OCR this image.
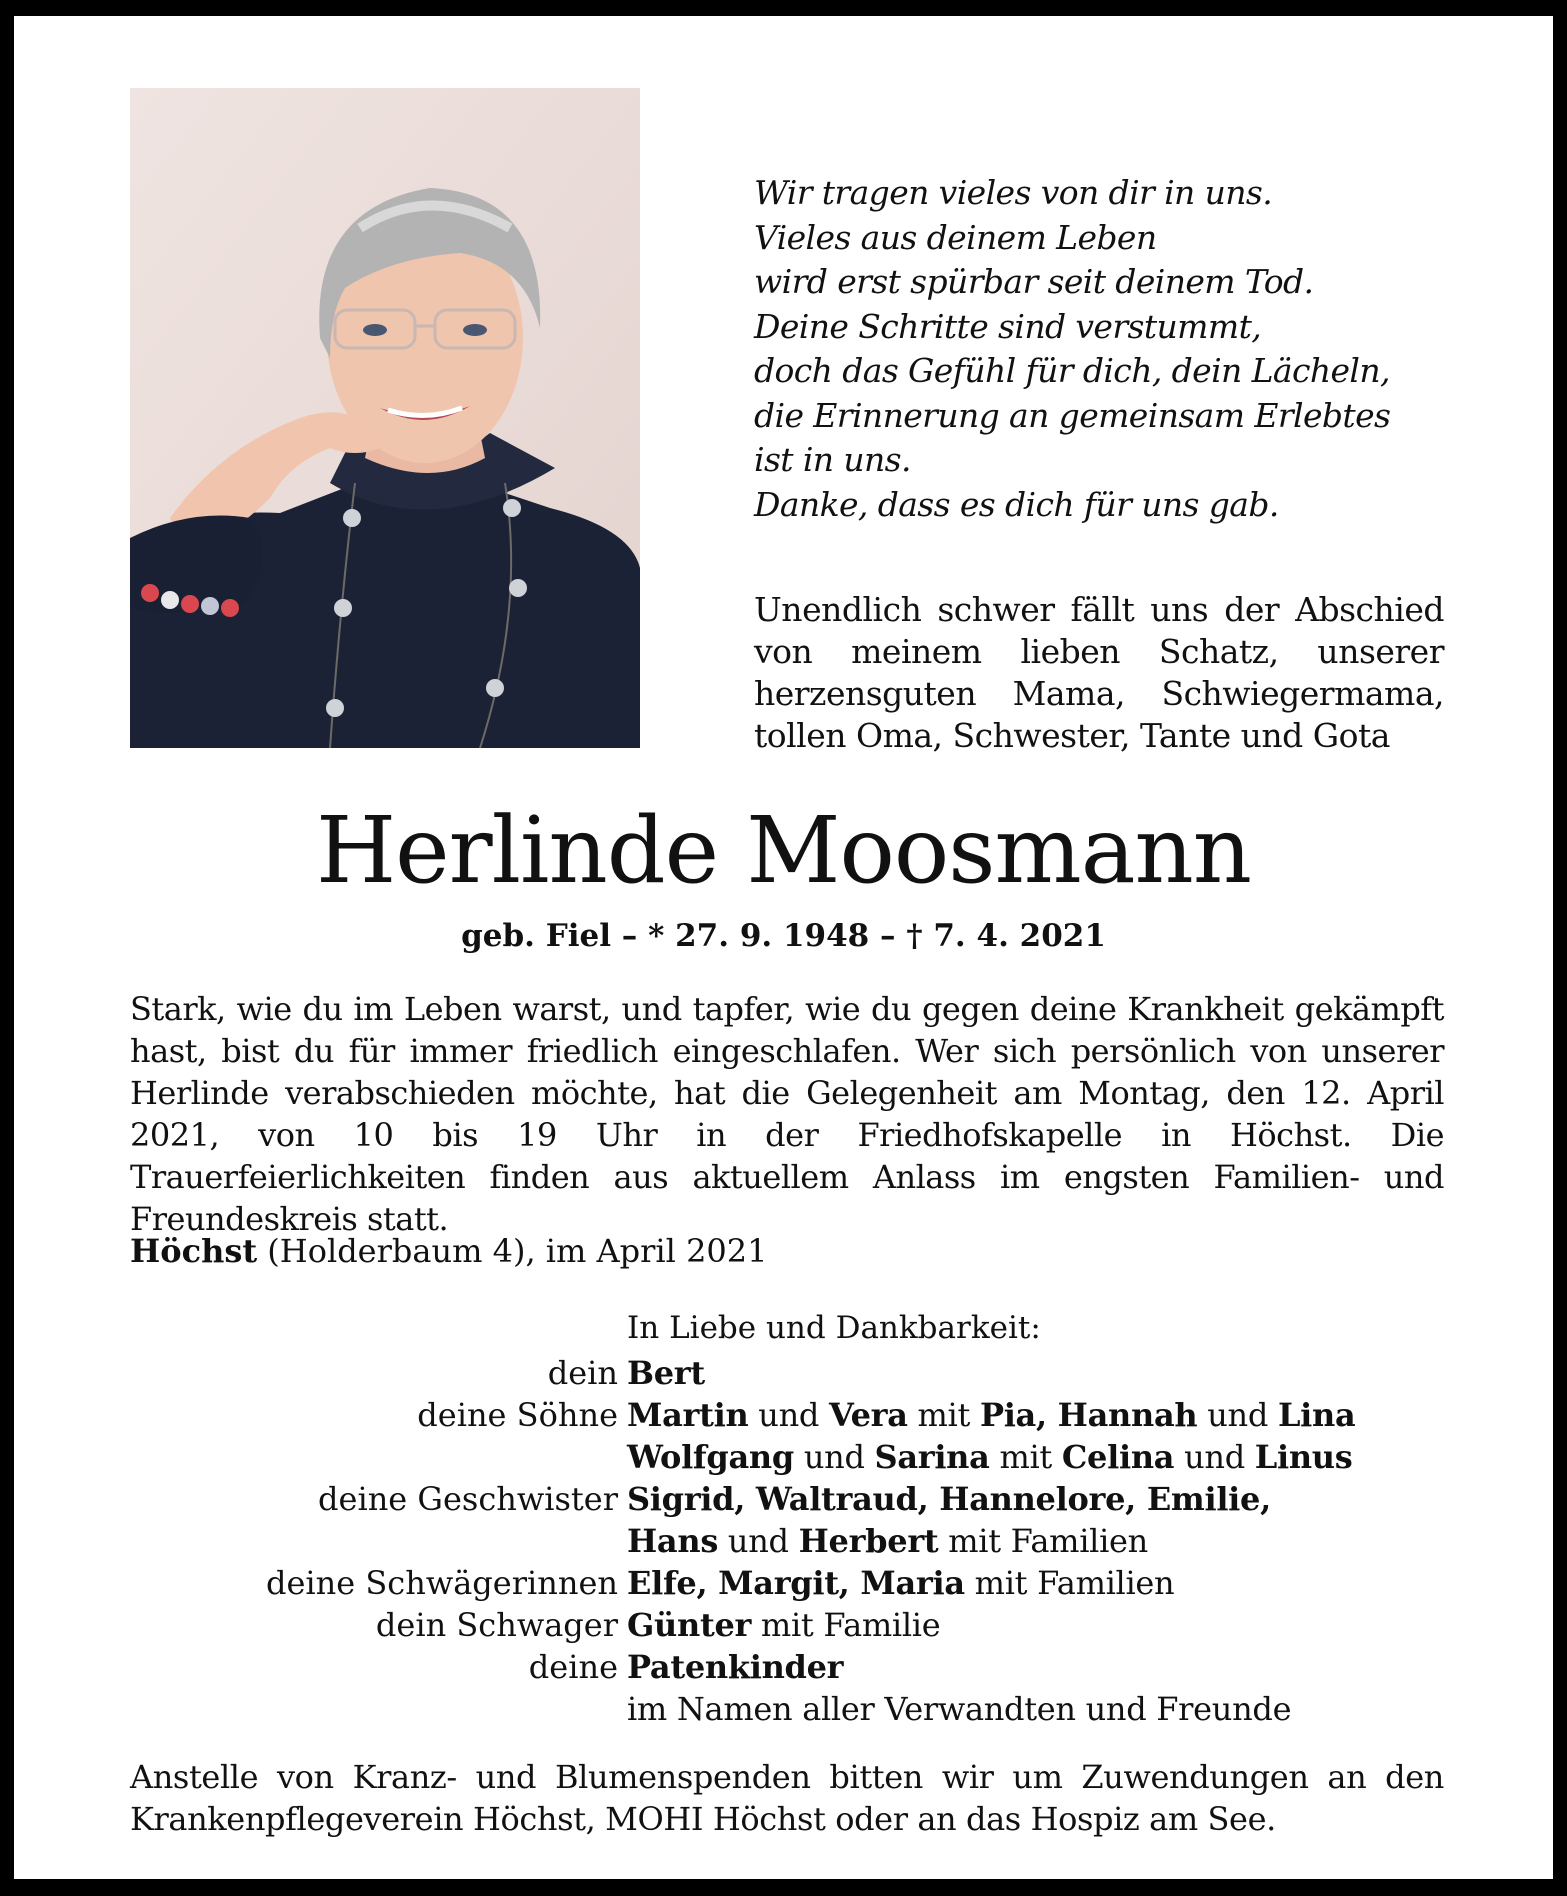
Wir tragen vieles von dir in uns.
Vieles aus deinem Leben
wird erst spürbar seit deinem Tod.
Deine Schritte sind verstummt,
doch das Gefühl für dich, dein Lächeln,
die Erinnerung an gemeinsam Erlebtes
ist in uns.
Danke, dass es dich für uns gab.
Unendlich schwer fällt uns der Abschied von meinem lieben Schatz, unserer herzensguten Mama, Schwiegermama, tollen Oma, Schwester, Tante und Gota
Herlinde Moosmann
geb. Fiel – * 27. 9. 1948 – † 7. 4. 2021
Stark, wie du im Leben warst, und tapfer, wie du gegen deine Krankheit gekämpft hast, bist du für immer friedlich eingeschlafen. Wer sich persönlich von unserer Herlinde verabschieden möchte, hat die Gelegenheit am Montag, den 12. April 2021, von 10 bis 19 Uhr in der Friedhofskapelle in Höchst. Die Trauerfeierlichkeiten finden aus aktuellem Anlass im engsten Familien- und Freundeskreis statt.
Höchst (Holderbaum 4), im April 2021
In Liebe und Dankbarkeit:
dein Bert
deine Söhne Martin und Vera mit Pia, Hannah und Lina
Wolfgang und Sarina mit Celina und Linus
deine Geschwister Sigrid, Waltraud, Hannelore, Emilie,
Hans und Herbert mit Familien
deine Schwägerinnen Elfe, Margit, Maria mit Familien
dein Schwager Günter mit Familie
deine Patenkinder
im Namen aller Verwandten und Freunde
Anstelle von Kranz- und Blumenspenden bitten wir um Zuwendungen an den Krankenpflegeverein Höchst, MOHI Höchst oder an das Hospiz am See.
